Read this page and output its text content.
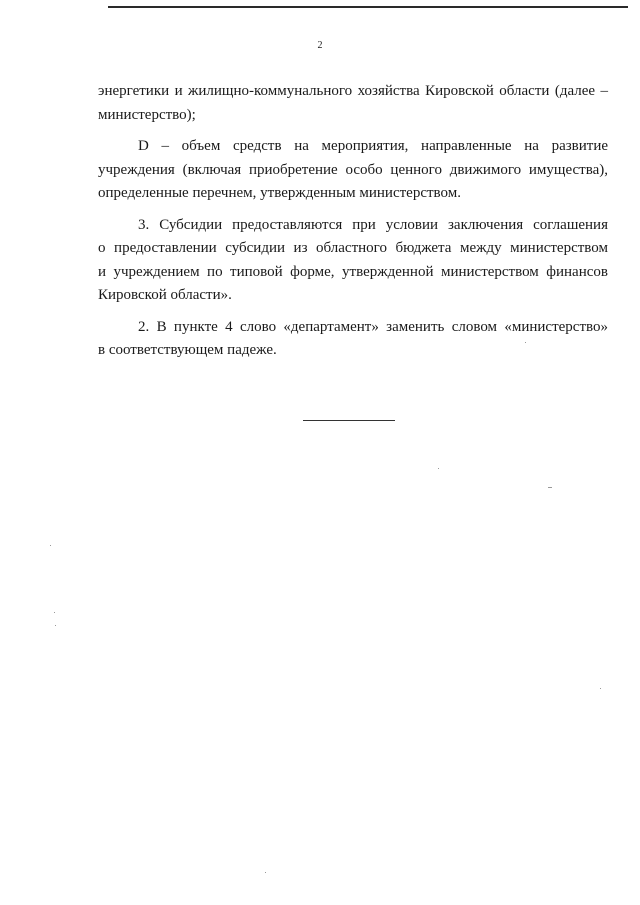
2

энергетики и жилищно-коммунального хозяйства Кировской области (далее –
министерство);

D – объем средств на мероприятия, направленные на развитие
учреждения (включая приобретение особо ценного движимого имущества),
определенные перечнем, утвержденным министерством.

3. Субсидии предоставляются при условии заключения соглашения
о предоставлении субсидии из областного бюджета между министерством
и учреждением по типовой форме, утвержденной министерством финансов
Кировской области».

2. В пункте 4 слово «департамент» заменить словом «министерство»
в соответствующем падеже.
